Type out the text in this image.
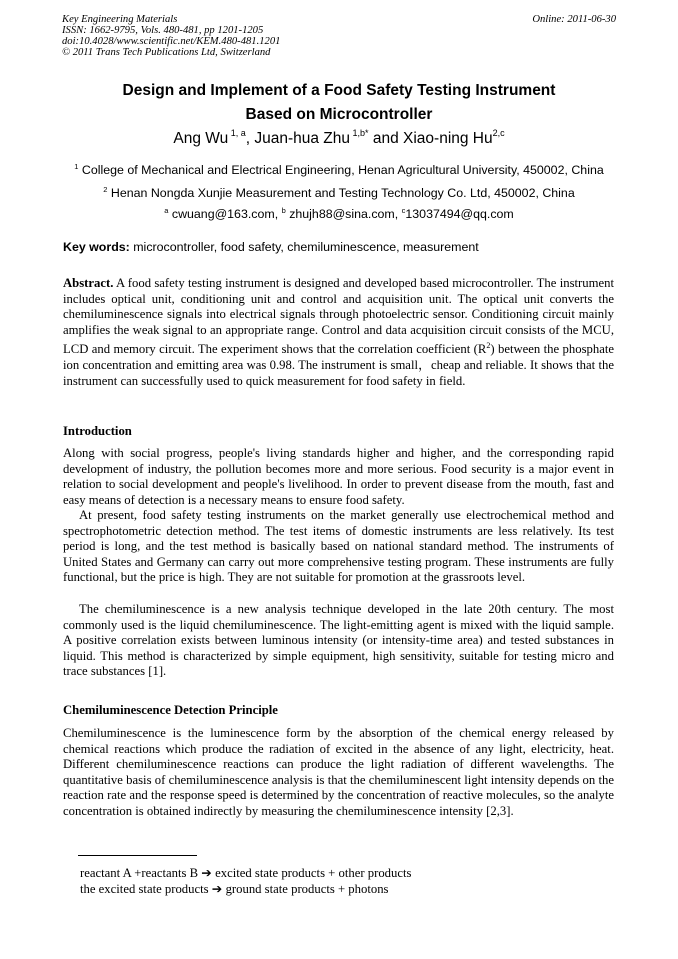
Key Engineering Materials
ISSN: 1662-9795, Vols. 480-481, pp 1201-1205
doi:10.4028/www.scientific.net/KEM.480-481.1201
© 2011 Trans Tech Publications Ltd, Switzerland
Online: 2011-06-30
Design and Implement of a Food Safety Testing Instrument
Based on Microcontroller
Ang Wu $^{1, a}$, Juan-hua Zhu $^{1,b*}$ and Xiao-ning Hu$^{2,c}$
$^1$ College of Mechanical and Electrical Engineering, Henan Agricultural University, 450002, China
$^2$ Henan Nongda Xunjie Measurement and Testing Technology Co. Ltd, 450002, China
$^a$ cwuang@163.com, $^b$ zhujh88@sina.com, $^c$13037494@qq.com
Key words: microcontroller, food safety, chemiluminescence, measurement
Abstract. A food safety testing instrument is designed and developed based microcontroller. The instrument includes optical unit, conditioning unit and control and acquisition unit. The optical unit converts the chemiluminescence signals into electrical signals through photoelectric sensor. Conditioning circuit mainly amplifies the weak signal to an appropriate range. Control and data acquisition circuit consists of the MCU, LCD and memory circuit. The experiment shows that the correlation coefficient $(R^2)$ between the phosphate ion concentration and emitting area was 0.98. The instrument is small，cheap and reliable. It shows that the instrument can successfully used to quick measurement for food safety in field.
Introduction
Along with social progress, people's living standards higher and higher, and the corresponding rapid development of industry, the pollution becomes more and more serious. Food security is a major event in relation to social development and people's livelihood. In order to prevent disease from the mouth, fast and easy means of detection is a necessary means to ensure food safety.
At present, food safety testing instruments on the market generally use electrochemical method and spectrophotometric detection method. The test items of domestic instruments are less relatively. Its test period is long, and the test method is basically based on national standard method. The instruments of United States and Germany can carry out more comprehensive testing program. These instruments are fully functional, but the price is high. They are not suitable for promotion at the grassroots level.
The chemiluminescence is a new analysis technique developed in the late 20th century. The most commonly used is the liquid chemiluminescence. The light-emitting agent is mixed with the liquid sample. A positive correlation exists between luminous intensity (or intensity-time area) and tested substances in liquid. This method is characterized by simple equipment, high sensitivity, suitable for testing micro and trace substances [1].
Chemiluminescence Detection Principle
Chemiluminescence is the luminescence form by the absorption of the chemical energy released by chemical reactions which produce the radiation of excited in the absence of any light, electricity, heat. Different chemiluminescence reactions can produce the light radiation of different wavelengths. The quantitative basis of chemiluminescence analysis is that the chemiluminescent light intensity depends on the reaction rate and the response speed is determined by the concentration of reactive molecules, so the analyte concentration is obtained indirectly by measuring the chemiluminescence intensity [2,3].
reactant A +reactants B ➔ excited state products + other products
the excited state products ➔ ground state products + photons
